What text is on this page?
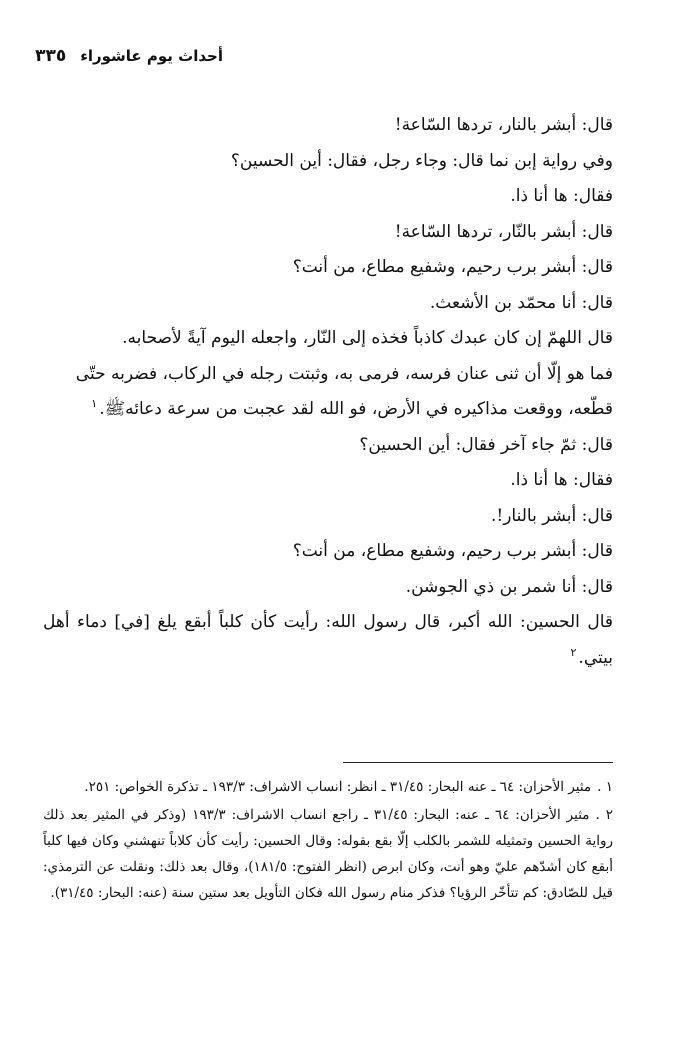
أحداث يوم عاشوراء
٣٣٥

قال: أبشر بالنار، تردها السّاعة!

وفي رواية إبن نما قال: وجاء رجل، فقال: أين الحسين؟

فقال: ها أنا ذا.

قال: أبشر بالنّار، تردها السّاعة!

قال: أبشر برب رحيم، وشفيع مطاع، من أنت؟

قال: أنا محمّد بن الأشعث.

قال اللهمّ إن كان عبدك كاذباً فخذه إلى النّار، واجعله اليوم آيةً لأصحابه.

فما هو إلّا أن ثنى عنان فرسه، فرمى به، وثبتت رجله في الركاب، فضربه حتّى

قطّعه، ووقعت مذاكيره في الأرض، فو الله لقد عجبت من سرعة دعائهﷺ.$^١$

قال: ثمّ جاء آخر فقال: أين الحسين؟

فقال: ها أنا ذا.

قال: أبشر بالنار!.

قال: أبشر برب رحيم، وشفيع مطاع، من أنت؟

قال: أنا شمر بن ذي الجوشن.

قال الحسين: الله أكبر، قال رسول الله: رأيت كأن كلباً أبقع يلغ [في] دماء أهل بيتي.$^٢$

١ .مثير الأحزان: ٦٤ ـ عنه البحار: ٣١/٤٥ ـ انظر: انساب الاشراف: ١٩٣/٣ ـ تذكرة الخواص: ٢٥١.
٢ .مثير الأحزان: ٦٤ ـ عنه: البحار: ٣١/٤٥ ـ راجع انساب الاشراف: ١٩٣/٣ (وذكر في المثير بعد ذلك رواية الحسين وتمثيله للشمر بالكلب إلّا بقع بقوله: وقال الحسين: رأيت كأن كلاباً تنهشني وكان فيها كلباً أبقع كان أشدّهم عليّ وهو أنت، وكان ابرص (انظر الفتوح: ١٨١/٥)، وقال بعد ذلك: ونقلت عن الترمذي: قيل للصّادق: كم تتأخّر الرؤيا؟ فذكر منام رسول الله فكان التأويل بعد ستين سنة (عنه: البحار: ٣١/٤٥).
